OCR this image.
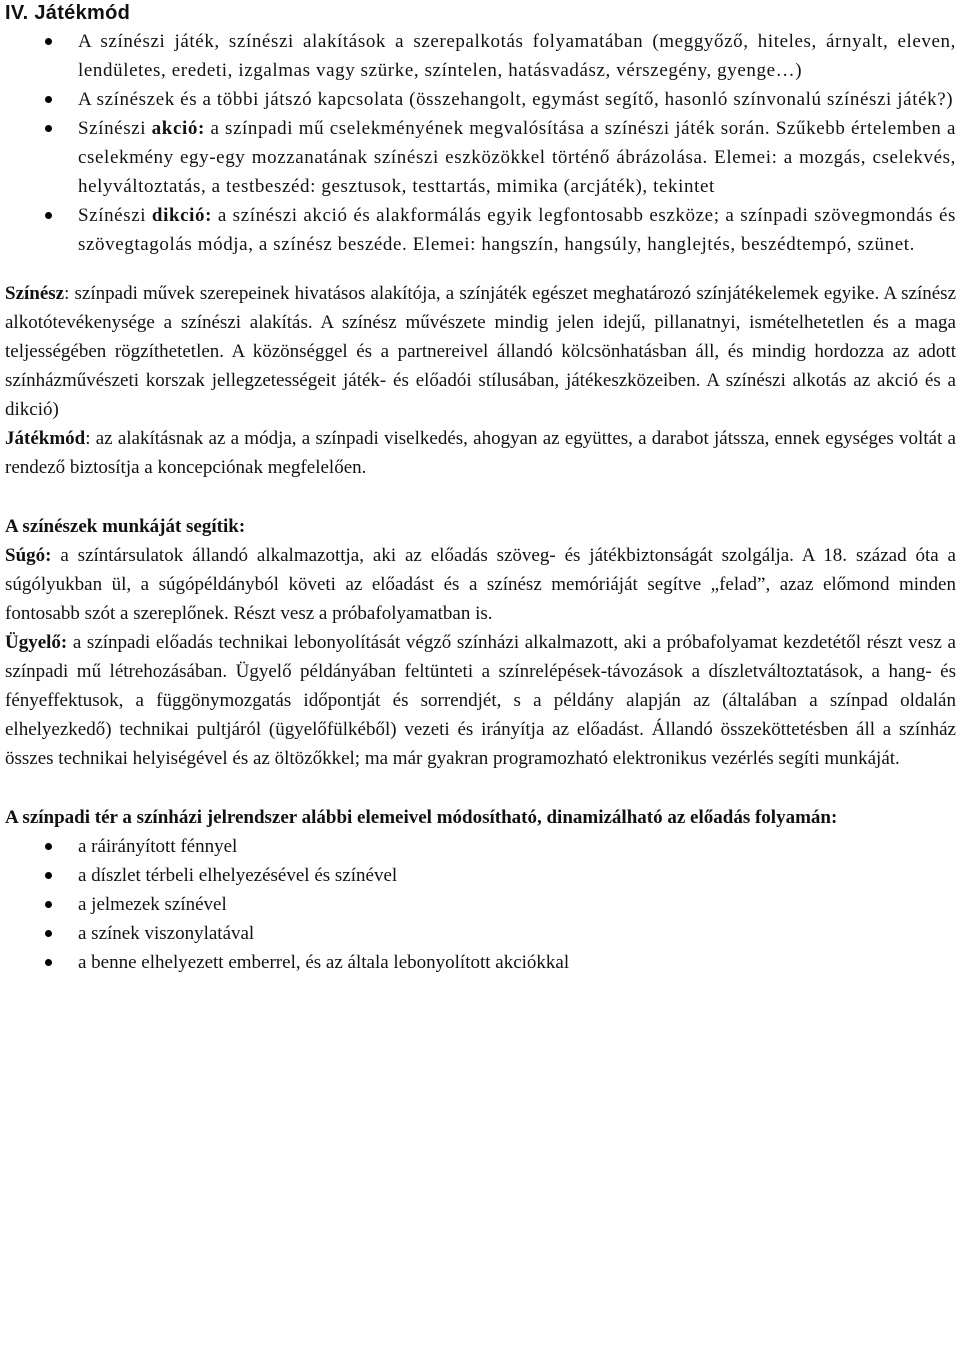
IV. Játékmód
A színészi játék, színészi alakítások a szerepalkotás folyamatában (meggyőző, hiteles, árnyalt, eleven, lendületes, eredeti, izgalmas vagy szürke, színtelen, hatásvadász, vérszegény, gyenge…)
A színészek és a többi játszó kapcsolata (összehangolt, egymást segítő, hasonló színvonalú színészi játék?)
Színészi akció: a színpadi mű cselekményének megvalósítása a színészi játék során. Szűkebb értelemben a cselekmény egy-egy mozzanatának színészi eszközökkel történő ábrázolása. Elemei: a mozgás, cselekvés, helyváltoztatás, a testbeszéd: gesztusok, testtartás, mimika (arcjáték), tekintet
Színészi dikció: a színészi akció és alakformálás egyik legfontosabb eszköze; a színpadi szövegmondás és szövegtagolás módja, a színész beszéde. Elemei: hangszín, hangsúly, hanglejtés, beszédtempó, szünet.

Színész: színpadi művek szerepeinek hivatásos alakítója, a színjáték egészet meghatározó színjátékelemek egyike. A színész alkotótevékenysége a színészi alakítás. A színész művészete mindig jelen idejű, pillanatnyi, ismételhetetlen és a maga teljességében rögzíthetetlen. A közönséggel és a partnereivel állandó kölcsönhatásban áll, és mindig hordozza az adott színházművészeti korszak jellegzetességeit játék- és előadói stílusában, játékeszközeiben. A színészi alkotás az akció és a dikció)

Játékmód: az alakításnak az a módja, a színpadi viselkedés, ahogyan az együttes, a darabot játssza, ennek egységes voltát a rendező biztosítja a koncepciónak megfelelően.

A színészek munkáját segítik:

Súgó: a színtársulatok állandó alkalmazottja, aki az előadás szöveg- és játékbiztonságát szolgálja. A 18. század óta a súgólyukban ül, a súgópéldányból követi az előadást és a színész memóriáját segítve „felad”, azaz előmond minden fontosabb szót a szereplőnek. Részt vesz a próbafolyamatban is.

Ügyelő: a színpadi előadás technikai lebonyolítását végző színházi alkalmazott, aki a próbafolyamat kezdetétől részt vesz a színpadi mű létrehozásában. Ügyelő példányában feltünteti a színrelépések-távozások a díszletváltoztatások, a hang- és fényeffektusok, a függönymozgatás időpontját és sorrendjét, s a példány alapján az (általában a színpad oldalán elhelyezkedő) technikai pultjáról (ügyelőfülkéből) vezeti és irányítja az előadást. Állandó összeköttetésben áll a színház összes technikai helyiségével és az öltözőkkel; ma már gyakran programozható elektronikus vezérlés segíti munkáját.

A színpadi tér a színházi jelrendszer alábbi elemeivel módosítható, dinamizálható az előadás folyamán:

a ráirányított fénnyel
a díszlet térbeli elhelyezésével és színével
a jelmezek színével
a színek viszonylatával
a benne elhelyezett emberrel, és az általa lebonyolított akciókkal
